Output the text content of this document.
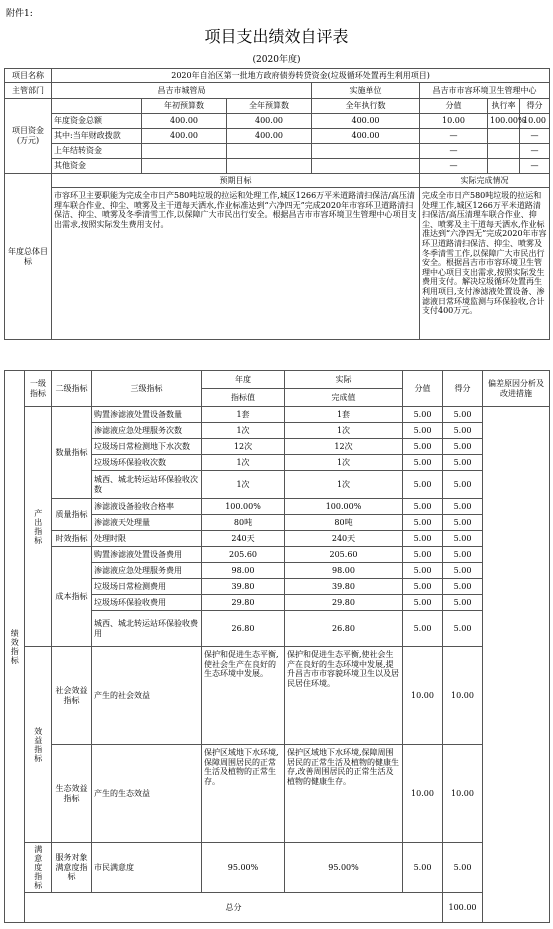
附件1:
项目支出绩效自评表
(2020年度)
项目名称	2020年自治区第一批地方政府债券转贷资金(垃圾循环处置再生利用项目)						
主管部门	昌吉市城管局			实施单位	昌吉市市容环境卫生管理中心		
项目资金(万元)		年初预算数	全年预算数	全年执行数	分值	执行率	得分
	年度资金总额	400.00	400.00	400.00	10.00	100.00%	10.00
	其中:当年财政拨款	400.00	400.00	400.00	—		—
	上年结转资金				—		—
	其他资金				—		—
年度总体目标	预期目标				实际完成情况		
	市容环卫主要职能为完成全市日产580吨垃圾的拉运和处理工作,城区1266万平米道路清扫保洁/高压清理车联合作业、抑尘、喷雾及主干道每天洒水,作业标准达到“六净四无”完成2020年市容环卫道路清扫保洁、抑尘、喷雾及冬季清雪工作,以保障广大市民出行安全。根据昌吉市市容环境卫生管理中心项目支出需求,按照实际发生费用支付。				完成全市日产580吨垃圾的拉运和处理工作,城区1266万平米道路清扫保洁/高压清理车联合作业、抑尘、喷雾及主干道每天洒水,作业标准达到“六净四无”完成2020年市容环卫道路清扫保洁、抑尘、喷雾及冬季清雪工作,以保障广大市民出行安全。根据昌吉市市容环境卫生管理中心项目支出需求,按照实际发生费用支付。解决垃圾循环处置再生利用项目,支付渗滤液处置设备、渗滤液日常环境监测与环保验收,合计支付400万元。		
绩效指标	一级指标	二级指标	三级指标	年度	实际	分值	得分	偏差原因分析及改进措施	
				指标值	完成值				
	产出指标	数量指标	购置渗滤液处置设备数量	1套	1套	5.00	5.00		
			渗滤液应急处理服务次数	1次	1次	5.00	5.00		
			垃圾场日常检测地下水次数	12次	12次	5.00	5.00		
			垃圾场环保验收次数	1次	1次	5.00	5.00		
			城西、城北转运站环保验收次数	1次	1次	5.00	5.00		
		质量指标	渗滤液设备验收合格率	100.00%	100.00%	5.00	5.00		
			渗滤液天处理量	80吨	80吨	5.00	5.00		
		时效指标	处理时限	240天	240天	5.00	5.00		
		成本指标	购置渗滤液处置设备费用	205.60	205.60	5.00	5.00		
			渗滤液应急处理服务费用	98.00	98.00	5.00	5.00		
			垃圾场日常检测费用	39.80	39.80	5.00	5.00		
			垃圾场环保验收费用	29.80	29.80	5.00	5.00		
			城西、城北转运站环保验收费用	26.80	26.80	5.00	5.00		
	效益指标	社会效益指标	产生的社会效益	保护和促进生态平衡,使社会生产在良好的生态环境中发展。	保护和促进生态平衡,使社会生产在良好的生态环境中发展,提升昌吉市市容貌环境卫生以及居民居住环境。	10.00	10.00		
		生态效益指标	产生的生态效益	保护区域地下水环境,保障周围居民的正常生活及植物的正常生存。	保护区域地下水环境,保障周围居民的正常生活及植物的健康生存,改善周围居民的正常生活及植物的健康生存。	10.00	10.00		
	满意度指标	服务对象满意度指标	市民满意度	95.00%	95.00%	5.00	5.00		
	总分						100.00		
